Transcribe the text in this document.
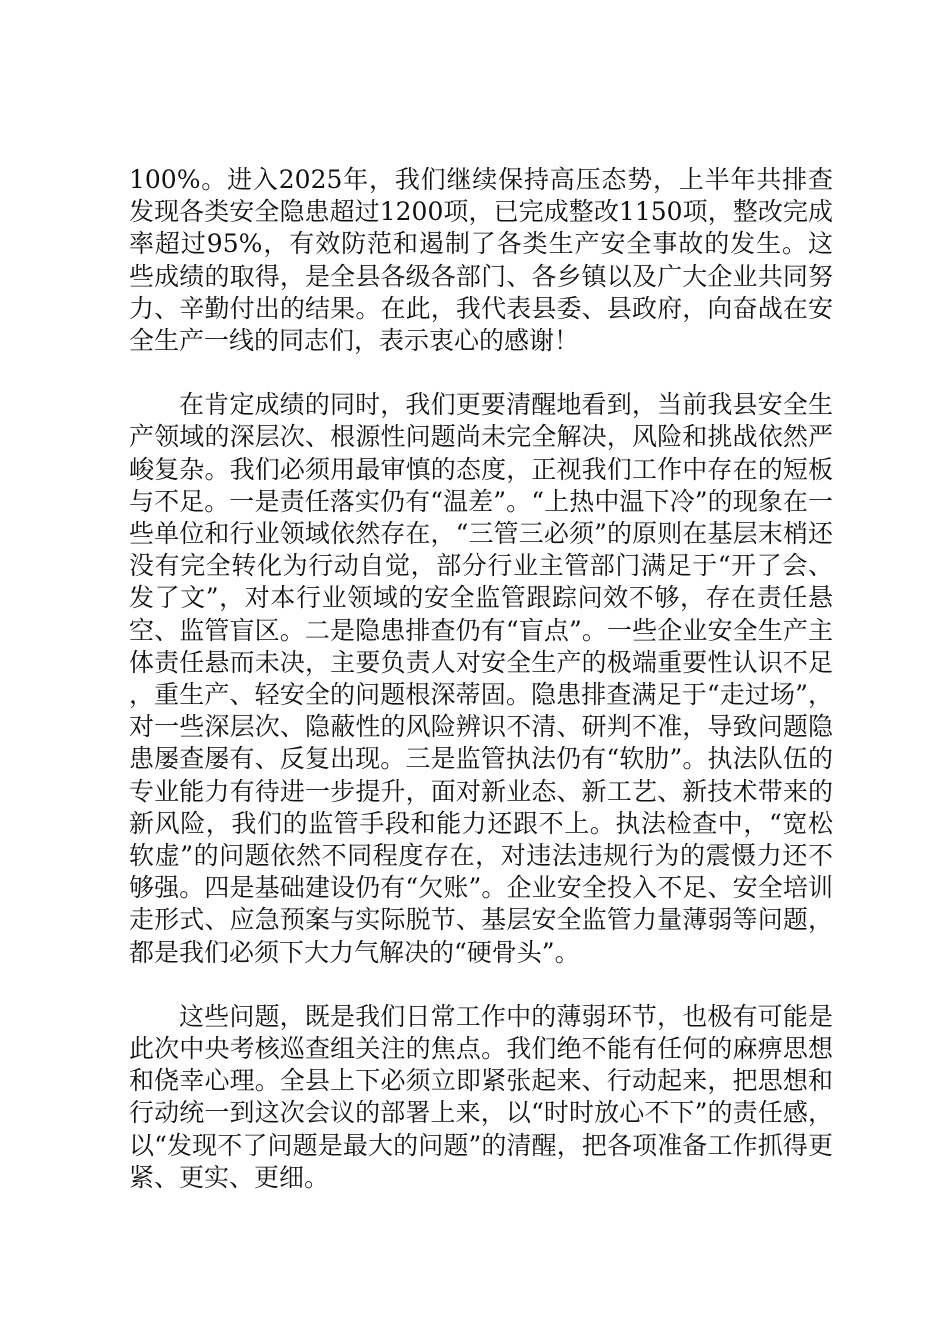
100%。进入2025年，我们继续保持高压态势，上半年共排查发现各类安全隐患超过1200项，已完成整改1150项，整改完成率超过95%，有效防范和遏制了各类生产安全事故的发生。这些成绩的取得，是全县各级各部门、各乡镇以及广大企业共同努力、辛勤付出的结果。在此，我代表县委、县政府，向奋战在安全生产一线的同志们，表示衷心的感谢！

在肯定成绩的同时，我们更要清醒地看到，当前我县安全生产领域的深层次、根源性问题尚未完全解决，风险和挑战依然严峻复杂。我们必须用最审慎的态度，正视我们工作中存在的短板与不足。一是责任落实仍有“温差”。“上热中温下冷”的现象在一些单位和行业领域依然存在，“三管三必须”的原则在基层末梢还没有完全转化为行动自觉，部分行业主管部门满足于“开了会、发了文”，对本行业领域的安全监管跟踪问效不够，存在责任悬空、监管盲区。二是隐患排查仍有“盲点”。一些企业安全生产主体责任悬而未决，主要负责人对安全生产的极端重要性认识不足，重生产、轻安全的问题根深蒂固。隐患排查满足于“走过场”，对一些深层次、隐蔽性的风险辨识不清、研判不准，导致问题隐患屡查屡有、反复出现。三是监管执法仍有“软肋”。执法队伍的专业能力有待进一步提升，面对新业态、新工艺、新技术带来的新风险，我们的监管手段和能力还跟不上。执法检查中，“宽松软虚”的问题依然不同程度存在，对违法违规行为的震慑力还不够强。四是基础建设仍有“欠账”。企业安全投入不足、安全培训走形式、应急预案与实际脱节、基层安全监管力量薄弱等问题，都是我们必须下大力气解决的“硬骨头”。

这些问题，既是我们日常工作中的薄弱环节，也极有可能是此次中央考核巡查组关注的焦点。我们绝不能有任何的麻痹思想和侥幸心理。全县上下必须立即紧张起来、行动起来，把思想和行动统一到这次会议的部署上来，以“时时放心不下”的责任感，以“发现不了问题是最大的问题”的清醒，把各项准备工作抓得更紧、更实、更细。
